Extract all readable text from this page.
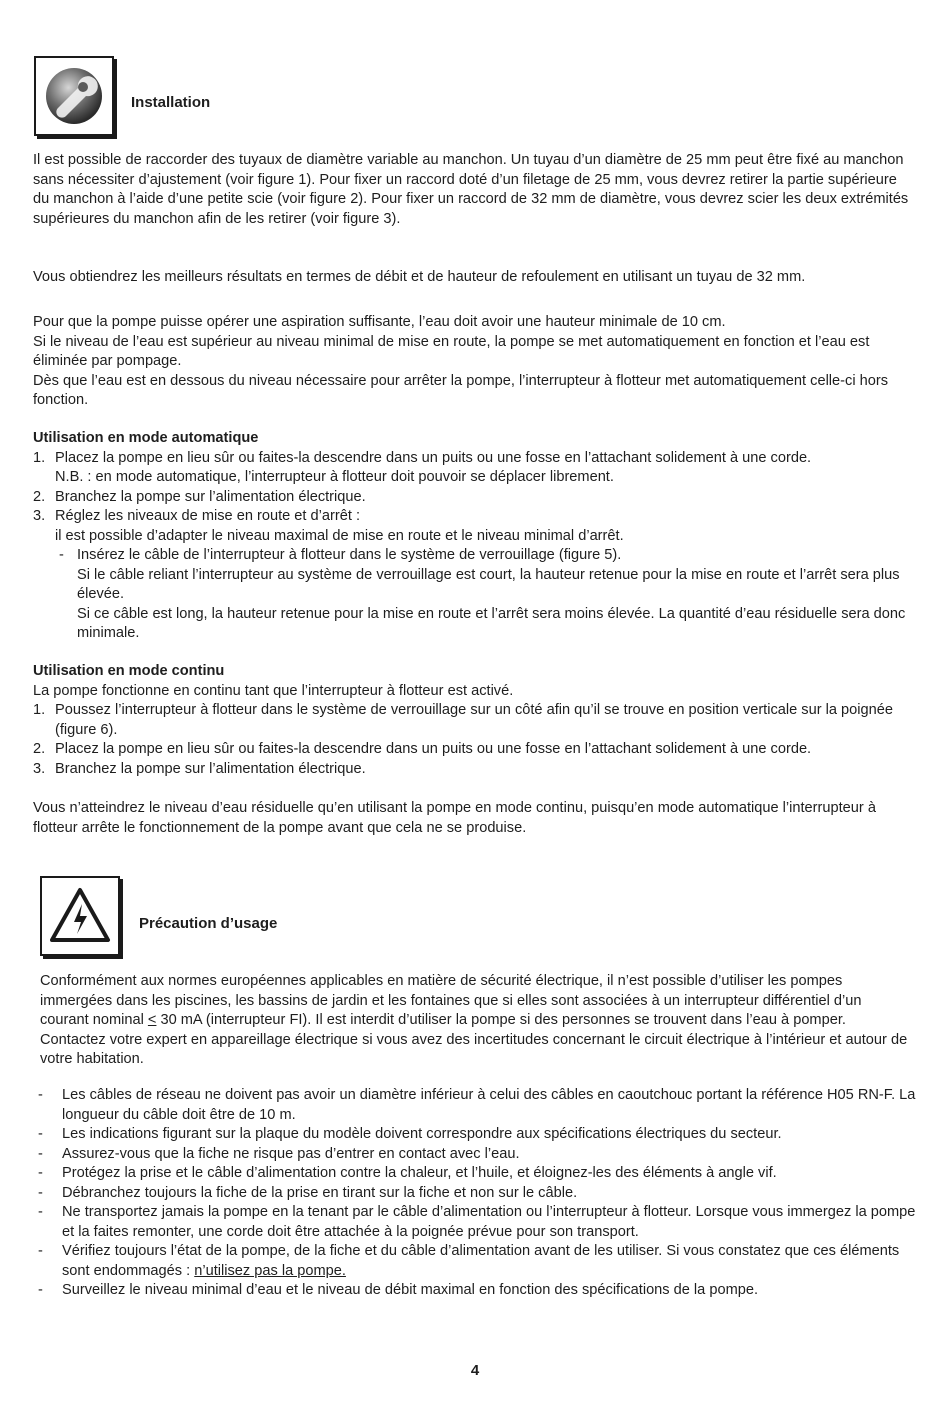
Installation

Il est possible de raccorder des tuyaux de diamètre variable au manchon. Un tuyau d’un diamètre de 25 mm peut être fixé au manchon sans nécessiter d’ajustement (voir figure 1). Pour fixer un raccord doté d’un filetage de 25 mm, vous devrez retirer la partie supérieure du manchon à l’aide d’une petite scie (voir figure 2). Pour fixer un raccord de 32 mm de diamètre, vous devrez scier les deux extrémités supérieures du manchon afin de les retirer (voir figure 3).

Vous obtiendrez les meilleurs résultats en termes de débit et de hauteur de refoulement en utilisant un tuyau de 32 mm.

Pour que la pompe puisse opérer une aspiration suffisante, l’eau doit avoir une hauteur minimale de 10 cm.

Si le niveau de l’eau est supérieur au niveau minimal de mise en route, la pompe se met automatiquement en fonction et l’eau est éliminée par pompage.

Dès que l’eau est en dessous du niveau nécessaire pour arrêter la pompe, l’interrupteur à flotteur met automatiquement celle-ci hors fonction.

Utilisation en mode automatique

1. Placez la pompe en lieu sûr ou faites-la descendre dans un puits ou une fosse en l’attachant solidement à une corde.
N.B. : en mode automatique, l’interrupteur à flotteur doit pouvoir se déplacer librement.
2. Branchez la pompe sur l’alimentation électrique.
3. Réglez les niveaux de mise en route et d’arrêt :

il est possible d’adapter le niveau maximal de mise en route et le niveau minimal d’arrêt.

- Insérez le câble de l’interrupteur à flotteur dans le système de verrouillage (figure 5).
Si le câble reliant l’interrupteur au système de verrouillage est court, la hauteur retenue pour la mise en route et l’arrêt sera plus élevée.
Si ce câble est long, la hauteur retenue pour la mise en route et l’arrêt sera moins élevée. La quantité d’eau résiduelle sera donc minimale.

Utilisation en mode continu

La pompe fonctionne en continu tant que l’interrupteur à flotteur est activé.

1. Poussez l’interrupteur à flotteur dans le système de verrouillage sur un côté afin qu’il se trouve en position verticale sur la poignée (figure 6).
2. Placez la pompe en lieu sûr ou faites-la descendre dans un puits ou une fosse en l’attachant solidement à une corde.
3. Branchez la pompe sur l’alimentation électrique.

Vous n’atteindrez le niveau d’eau résiduelle qu’en utilisant la pompe en mode continu, puisqu’en mode automatique l’interrupteur à flotteur arrête le fonctionnement de la pompe avant que cela ne se produise.

Précaution d’usage

Conformément aux normes européennes applicables en matière de sécurité électrique, il n’est possible d’utiliser les pompes immergées dans les piscines, les bassins de jardin et les fontaines que si elles sont associées à un interrupteur différentiel d’un courant nominal ≤ 30 mA (interrupteur FI). Il est interdit d’utiliser la pompe si des personnes se trouvent dans l’eau à pomper. Contactez votre expert en appareillage électrique si vous avez des incertitudes concernant le circuit électrique à l’intérieur et autour de votre habitation.

- Les câbles de réseau ne doivent pas avoir un diamètre inférieur à celui des câbles en caoutchouc portant la référence H05 RN-F. La longueur du câble doit être de 10 m.
- Les indications figurant sur la plaque du modèle doivent correspondre aux spécifications électriques du secteur.
- Assurez-vous que la fiche ne risque pas d’entrer en contact avec l’eau.
- Protégez la prise et le câble d’alimentation contre la chaleur, et l’huile, et éloignez-les des éléments à angle vif.
- Débranchez toujours la fiche de la prise en tirant sur la fiche et non sur le câble.
- Ne transportez jamais la pompe en la tenant par le câble d’alimentation ou l’interrupteur à flotteur. Lorsque vous immergez la pompe et la faites remonter, une corde doit être attachée à la poignée prévue pour son transport.
- Vérifiez toujours l’état de la pompe, de la fiche et du câble d’alimentation avant de les utiliser. Si vous constatez que ces éléments sont endommagés : n’utilisez pas la pompe.
- Surveillez le niveau minimal d’eau et le niveau de débit maximal en fonction des spécifications de la pompe.
4
